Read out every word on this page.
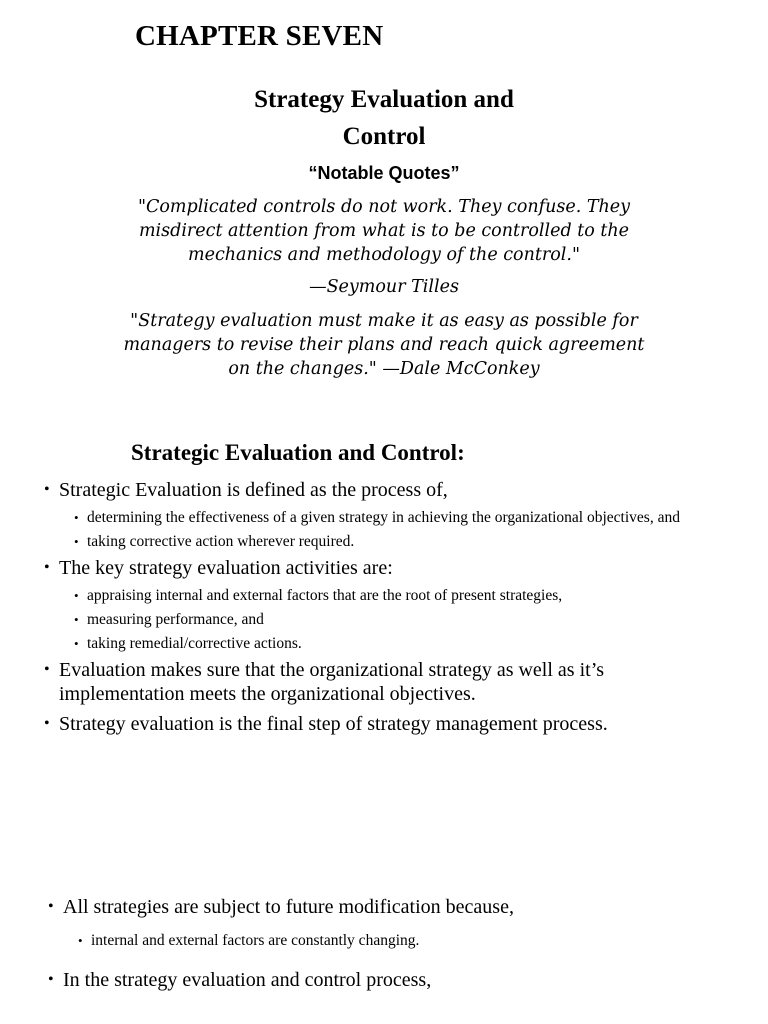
CHAPTER SEVEN
Strategy Evaluation and
Control
“Notable Quotes”
"Complicated controls do not work. They confuse. They
misdirect attention from what is to be controlled to the
mechanics and methodology of the control."
—Seymour Tilles
"Strategy evaluation must make it as easy as possible for
managers to revise their plans and reach quick agreement
on the changes." —Dale McConkey
Strategic Evaluation and Control:
• Strategic Evaluation is defined as the process of,
• determining the effectiveness of a given strategy in achieving the organizational objectives, and
• taking corrective action wherever required.
• The key strategy evaluation activities are:
• appraising internal and external factors that are the root of present strategies,
• measuring performance, and
• taking remedial/corrective actions.
• Evaluation makes sure that the organizational strategy as well as it’s implementation meets the organizational objectives.
• Strategy evaluation is the final step of strategy management process.
• All strategies are subject to future modification because,
• internal and external factors are constantly changing.
• In the strategy evaluation and control process,
